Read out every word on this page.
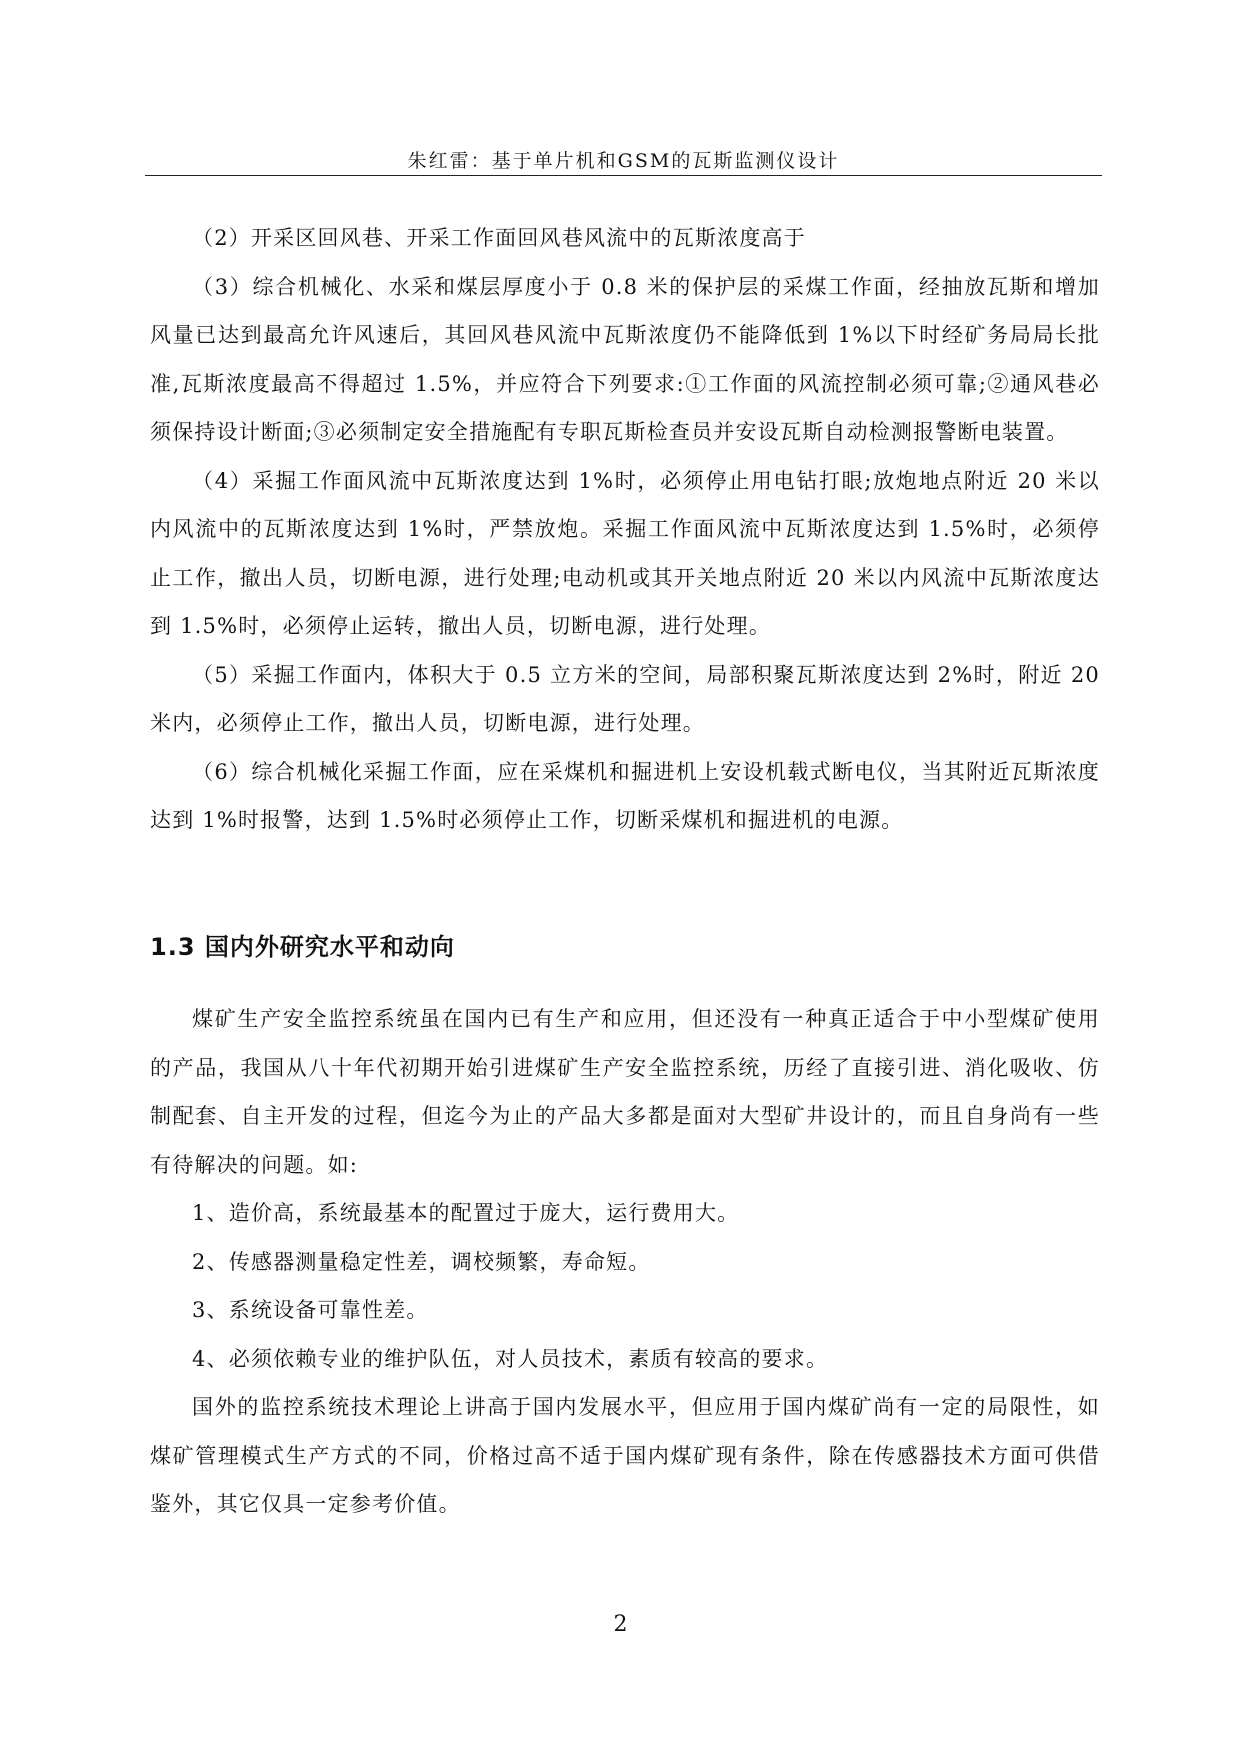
朱红雷：基于单片机和GSM的瓦斯监测仪设计

（2）开采区回风巷、开采工作面回风巷风流中的瓦斯浓度高于

（3）综合机械化、水采和煤层厚度小于 0.8 米的保护层的采煤工作面，经抽放瓦斯和增加风量已达到最高允许风速后，其回风巷风流中瓦斯浓度仍不能降低到 1%以下时经矿务局局长批准,瓦斯浓度最高不得超过 1.5%，并应符合下列要求:①工作面的风流控制必须可靠;②通风巷必须保持设计断面;③必须制定安全措施配有专职瓦斯检查员并安设瓦斯自动检测报警断电装置。

（4）采掘工作面风流中瓦斯浓度达到 1%时，必须停止用电钻打眼;放炮地点附近 20 米以内风流中的瓦斯浓度达到 1%时，严禁放炮。采掘工作面风流中瓦斯浓度达到 1.5%时，必须停止工作，撤出人员，切断电源，进行处理;电动机或其开关地点附近 20 米以内风流中瓦斯浓度达到 1.5%时，必须停止运转，撤出人员，切断电源，进行处理。

（5）采掘工作面内，体积大于 0.5 立方米的空间，局部积聚瓦斯浓度达到 2%时，附近 20 米内，必须停止工作，撤出人员，切断电源，进行处理。

（6）综合机械化采掘工作面，应在采煤机和掘进机上安设机载式断电仪，当其附近瓦斯浓度达到 1%时报警，达到 1.5%时必须停止工作，切断采煤机和掘进机的电源。

1.3 国内外研究水平和动向

煤矿生产安全监控系统虽在国内已有生产和应用，但还没有一种真正适合于中小型煤矿使用的产品，我国从八十年代初期开始引进煤矿生产安全监控系统，历经了直接引进、消化吸收、仿制配套、自主开发的过程，但迄今为止的产品大多都是面对大型矿井设计的，而且自身尚有一些有待解决的问题。如:

1、造价高，系统最基本的配置过于庞大，运行费用大。

2、传感器测量稳定性差，调校频繁，寿命短。

3、系统设备可靠性差。

4、必须依赖专业的维护队伍，对人员技术，素质有较高的要求。

国外的监控系统技术理论上讲高于国内发展水平，但应用于国内煤矿尚有一定的局限性，如煤矿管理模式生产方式的不同，价格过高不适于国内煤矿现有条件，除在传感器技术方面可供借鉴外，其它仅具一定参考价值。

2
